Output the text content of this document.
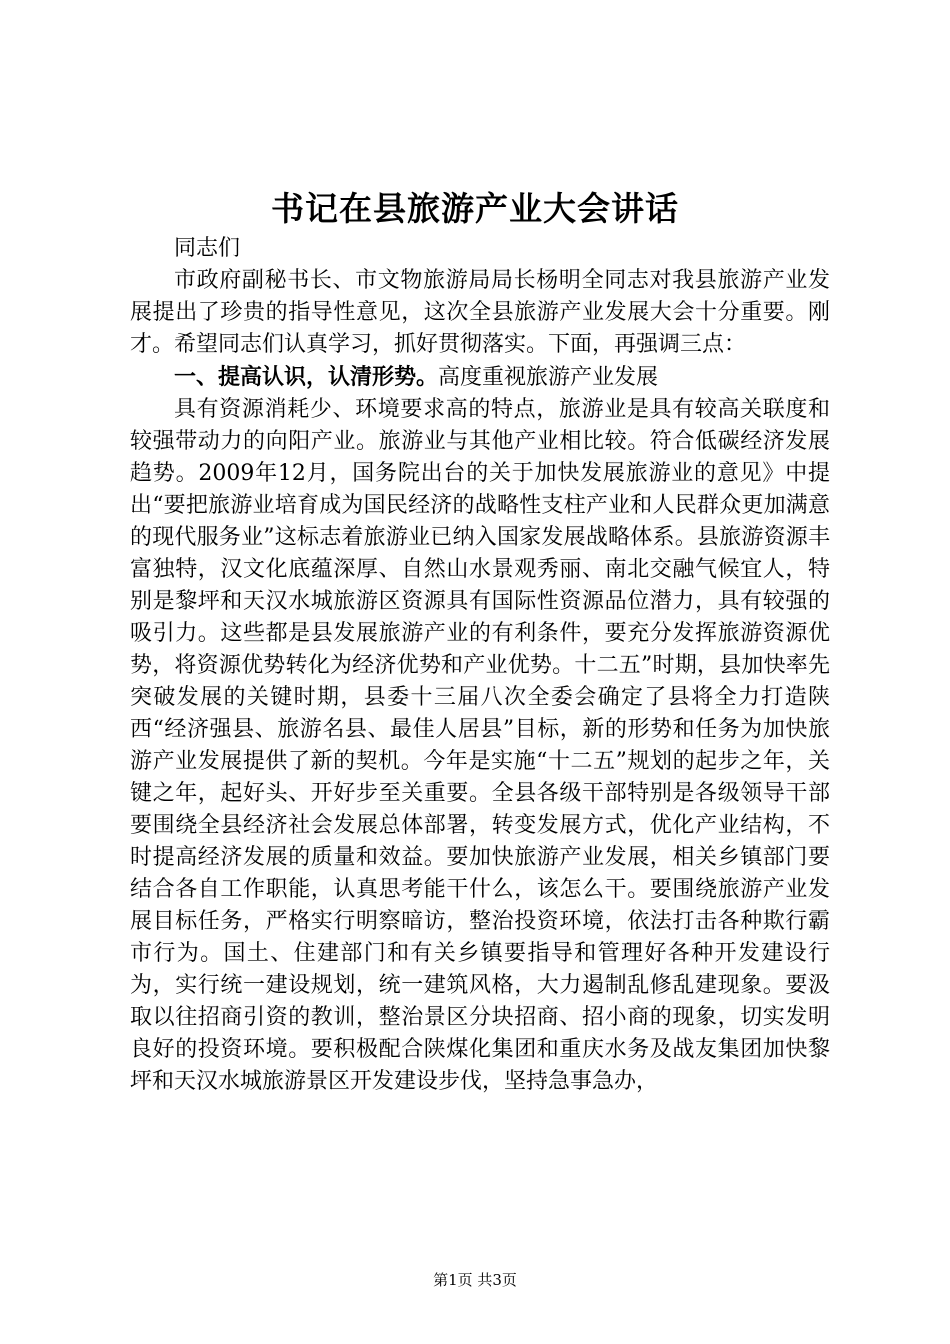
书记在县旅游产业大会讲话

同志们

市政府副秘书长、市文物旅游局局长杨明全同志对我县旅游产业发展提出了珍贵的指导性意见，这次全县旅游产业发展大会十分重要。刚才。希望同志们认真学习，抓好贯彻落实。下面，再强调三点：

一、提高认识，认清形势。高度重视旅游产业发展

具有资源消耗少、环境要求高的特点，旅游业是具有较高关联度和较强带动力的向阳产业。旅游业与其他产业相比较。符合低碳经济发展趋势。2009年12月，国务院出台的关于加快发展旅游业的意见》中提出“要把旅游业培育成为国民经济的战略性支柱产业和人民群众更加满意的现代服务业”这标志着旅游业已纳入国家发展战略体系。县旅游资源丰富独特，汉文化底蕴深厚、自然山水景观秀丽、南北交融气候宜人，特别是黎坪和天汉水城旅游区资源具有国际性资源品位潜力，具有较强的吸引力。这些都是县发展旅游产业的有利条件，要充分发挥旅游资源优势，将资源优势转化为经济优势和产业优势。十二五”时期，县加快率先突破发展的关键时期，县委十三届八次全委会确定了县将全力打造陕西“经济强县、旅游名县、最佳人居县”目标，新的形势和任务为加快旅游产业发展提供了新的契机。今年是实施“十二五”规划的起步之年，关键之年，起好头、开好步至关重要。全县各级干部特别是各级领导干部要围绕全县经济社会发展总体部署，转变发展方式，优化产业结构，不时提高经济发展的质量和效益。要加快旅游产业发展，相关乡镇部门要结合各自工作职能，认真思考能干什么，该怎么干。要围绕旅游产业发展目标任务，严格实行明察暗访，整治投资环境，依法打击各种欺行霸市行为。国土、住建部门和有关乡镇要指导和管理好各种开发建设行为，实行统一建设规划，统一建筑风格，大力遏制乱修乱建现象。要汲取以往招商引资的教训，整治景区分块招商、招小商的现象，切实发明良好的投资环境。要积极配合陕煤化集团和重庆水务及战友集团加快黎坪和天汉水城旅游景区开发建设步伐，坚持急事急办，

第1页 共3页
